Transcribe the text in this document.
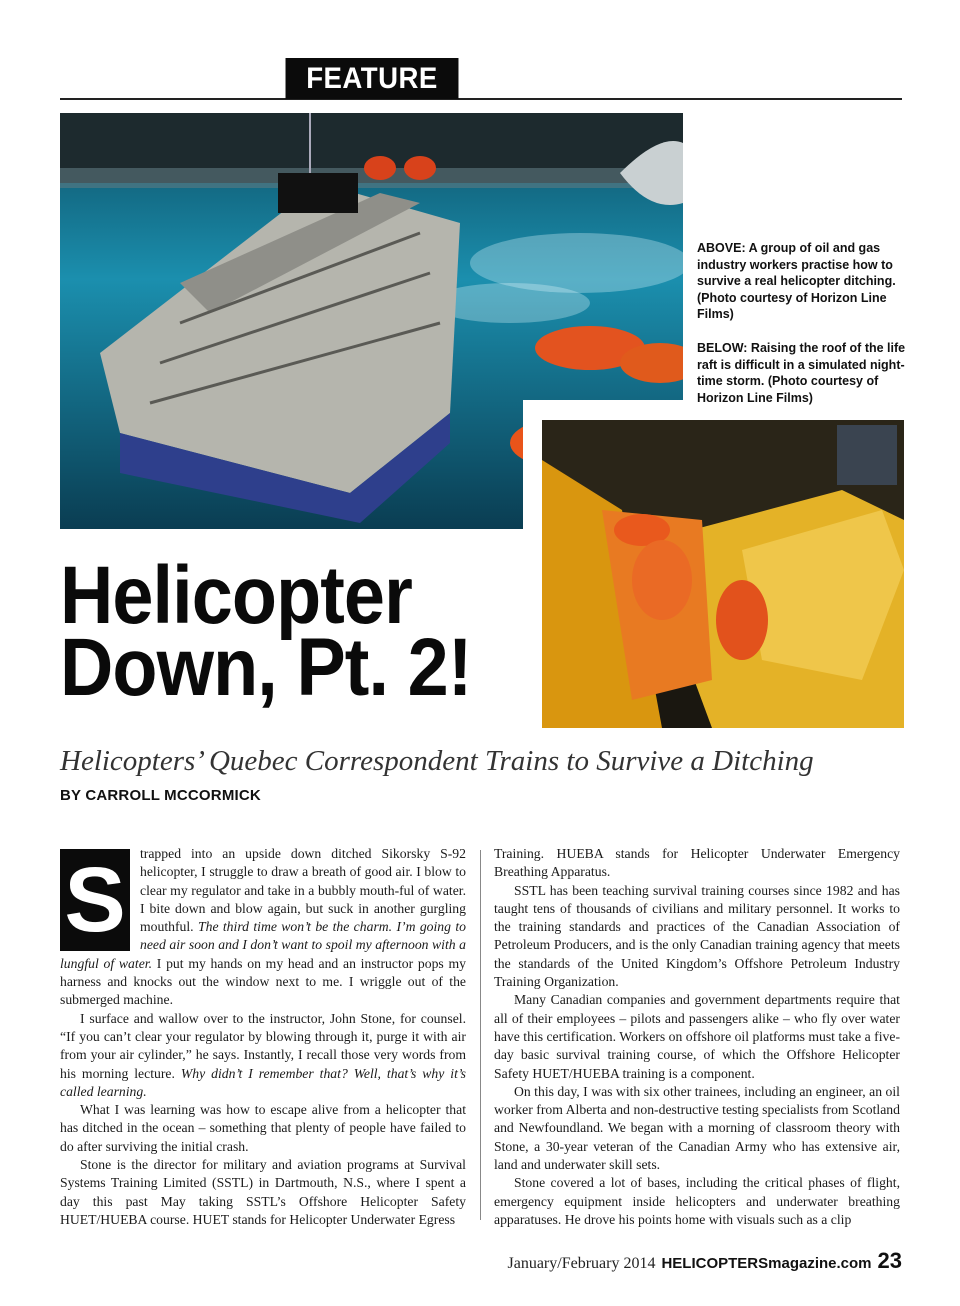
FEATURE

ABOVE: A group of oil and gas industry workers practise how to survive a real helicopter ditching. (Photo courtesy of Horizon Line Films)

BELOW: Raising the roof of the life raft is difficult in a simulated night-time storm. (Photo courtesy of Horizon Line Films)

Helicopter
Down, Pt. 2!
Helicopters’ Quebec Correspondent Trains to Survive a Ditching
BY CARROLL MCCORMICK

S	trapped into an upside down ditched Sikorsky S-92 helicopter, I struggle to draw a breath of good air. I blow to clear my regulator and take in a bubbly mouth-ful of water. I bite down and blow again, but suck in another gurgling mouthful. The third time won’t be the charm. I’m going to need air soon and I don’t want to spoil my afternoon with a lungful of water. I put my hands on my head and an instructor pops my harness and knocks out the window next to me. I wriggle out of the submerged machine.

I surface and wallow over to the instructor, John Stone, for counsel. “If you can’t clear your regulator by blowing through it, purge it with air from your air cylinder,” he says. Instantly, I recall those very words from his morning lecture. Why didn’t I remember that? Well, that’s why it’s called learning.

What I was learning was how to escape alive from a helicopter that has ditched in the ocean – something that plenty of people have failed to do after surviving the initial crash.

Stone is the director for military and aviation programs at Survival Systems Training Limited (SSTL) in Dartmouth, N.S., where I spent a day this past May taking SSTL’s Offshore Helicopter Safety HUET/HUEBA course. HUET stands for Helicopter Underwater Egress

Training. HUEBA stands for Helicopter Underwater Emergency Breathing Apparatus.

SSTL has been teaching survival training courses since 1982 and has taught tens of thousands of civilians and military personnel. It works to the training standards and practices of the Canadian Association of Petroleum Producers, and is the only Canadian training agency that meets the standards of the United Kingdom’s Offshore Petroleum Industry Training Organization.

Many Canadian companies and government departments require that all of their employees – pilots and passengers alike – who fly over water have this certification. Workers on offshore oil platforms must take a five-day basic survival training course, of which the Offshore Helicopter Safety HUET/HUEBA training is a component.

On this day, I was with six other trainees, including an engineer, an oil worker from Alberta and non-destructive testing specialists from Scotland and Newfoundland. We began with a morning of classroom theory with Stone, a 30-year veteran of the Canadian Army who has extensive air, land and underwater skill sets.

Stone covered a lot of bases, including the critical phases of flight, emergency equipment inside helicopters and underwater breathing apparatuses. He drove his points home with visuals such as a clip

January/February 2014 HELICOPTERSmagazine.com 23
